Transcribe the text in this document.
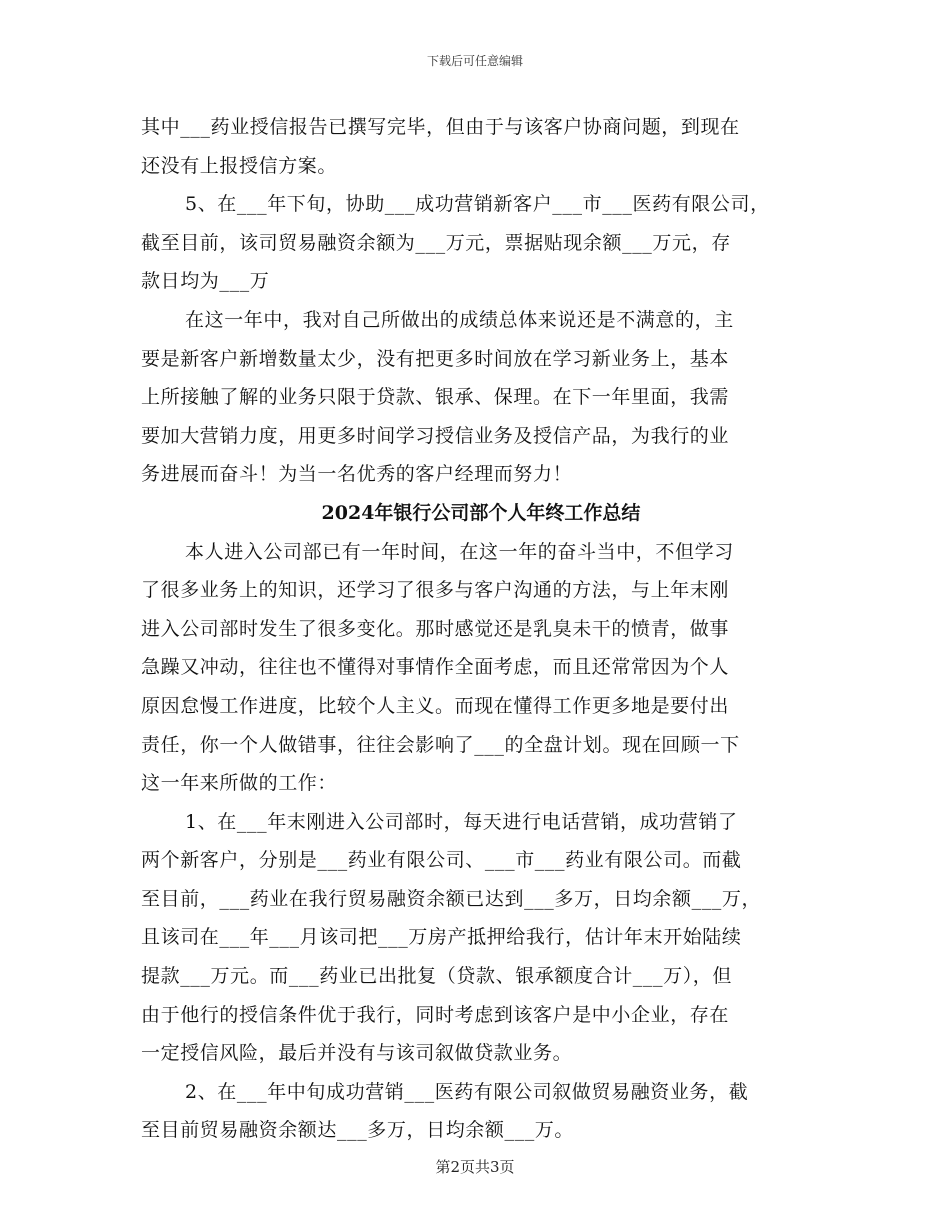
下载后可任意编辑
其中___药业授信报告已撰写完毕，但由于与该客户协商问题，到现在
还没有上报授信方案。
5、在___年下旬，协助___成功营销新客户___市___医药有限公司，
截至目前，该司贸易融资余额为___万元，票据贴现余额___万元，存
款日均为___万
在这一年中，我对自己所做出的成绩总体来说还是不满意的，主
要是新客户新增数量太少，没有把更多时间放在学习新业务上，基本
上所接触了解的业务只限于贷款、银承、保理。在下一年里面，我需
要加大营销力度，用更多时间学习授信业务及授信产品，为我行的业
务进展而奋斗！为当一名优秀的客户经理而努力！
2024年银行公司部个人年终工作总结
本人进入公司部已有一年时间，在这一年的奋斗当中，不但学习
了很多业务上的知识，还学习了很多与客户沟通的方法，与上年末刚
进入公司部时发生了很多变化。那时感觉还是乳臭未干的愤青，做事
急躁又冲动，往往也不懂得对事情作全面考虑，而且还常常因为个人
原因怠慢工作进度，比较个人主义。而现在懂得工作更多地是要付出
责任，你一个人做错事，往往会影响了___的全盘计划。现在回顾一下
这一年来所做的工作：
1、在___年末刚进入公司部时，每天进行电话营销，成功营销了
两个新客户，分别是___药业有限公司、___市___药业有限公司。而截
至目前，___药业在我行贸易融资余额已达到___多万，日均余额___万，
且该司在___年___月该司把___万房产抵押给我行，估计年末开始陆续
提款___万元。而___药业已出批复（贷款、银承额度合计___万），但
由于他行的授信条件优于我行，同时考虑到该客户是中小企业，存在
一定授信风险，最后并没有与该司叙做贷款业务。
2、在___年中旬成功营销___医药有限公司叙做贸易融资业务，截
至目前贸易融资余额达___多万，日均余额___万。
第2页共3页
